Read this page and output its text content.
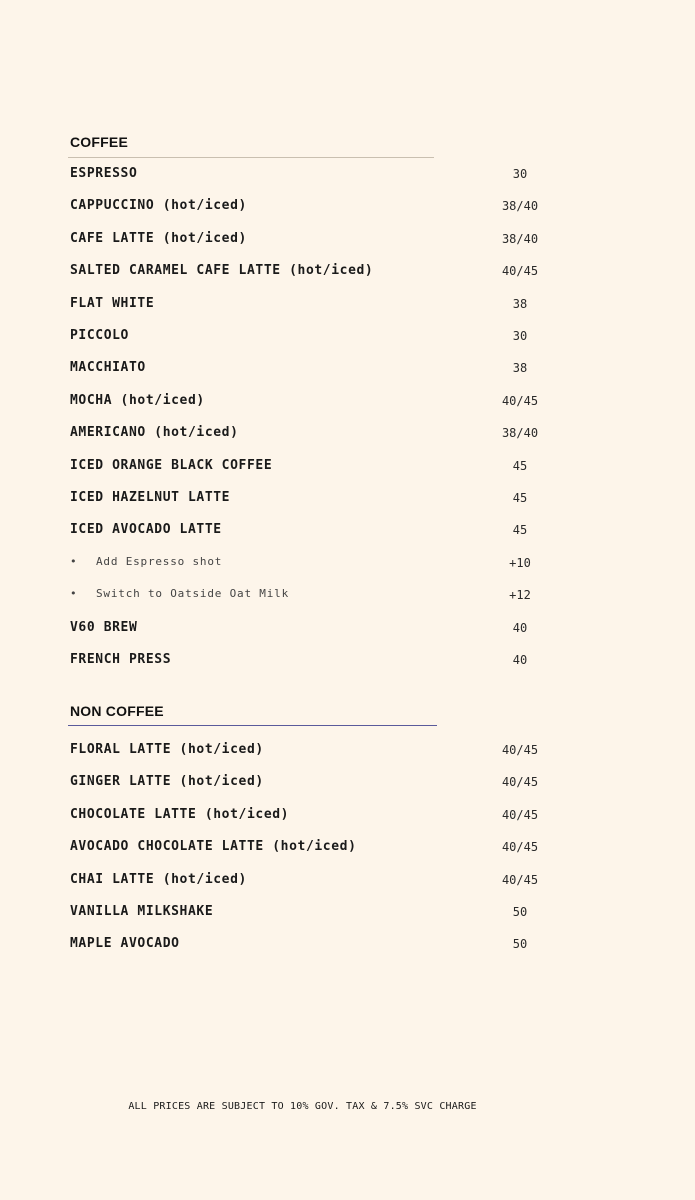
COFFEE
ESPRESSO	30
CAPPUCCINO (hot/iced)	38/40
CAFE LATTE (hot/iced)	38/40
SALTED CARAMEL CAFE LATTE (hot/iced)	40/45
FLAT WHITE	38
PICCOLO	30
MACCHIATO	38
MOCHA (hot/iced)	40/45
AMERICANO (hot/iced)	38/40
ICED ORANGE BLACK COFFEE	45
ICED HAZELNUT LATTE	45
ICED AVOCADO LATTE	45
• Add Espresso shot	+10
• Switch to Oatside Oat Milk	+12
V60 BREW	40
FRENCH PRESS	40
NON COFFEE
FLORAL LATTE (hot/iced)	40/45
GINGER LATTE (hot/iced)	40/45
CHOCOLATE LATTE (hot/iced)	40/45
AVOCADO CHOCOLATE LATTE (hot/iced)	40/45
CHAI LATTE (hot/iced)	40/45
VANILLA MILKSHAKE	50
MAPLE AVOCADO	50
ALL PRICES ARE SUBJECT TO 10% GOV. TAX & 7.5% SVC CHARGE
